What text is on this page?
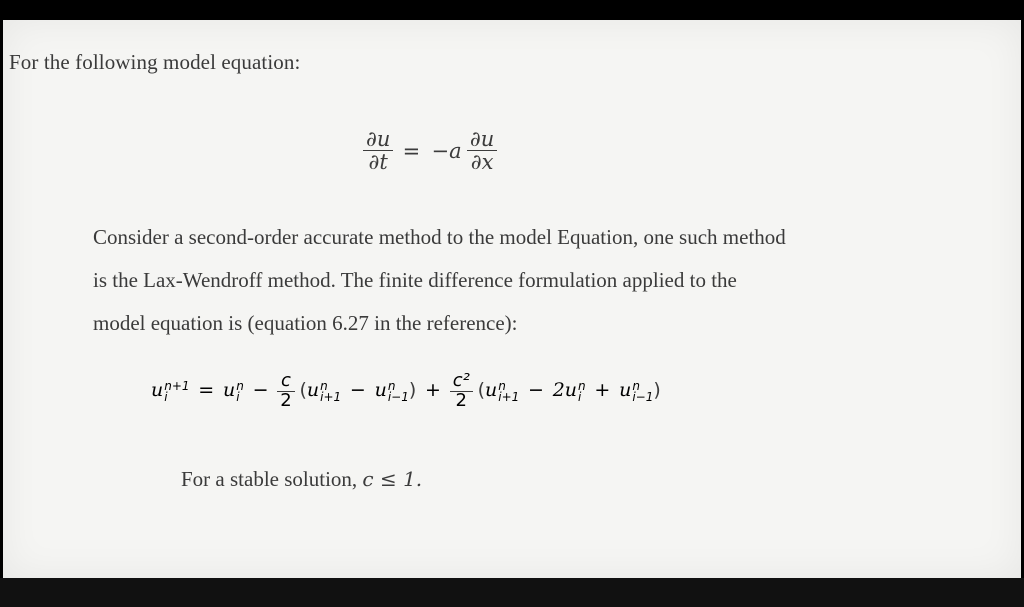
For the following model equation:
$\frac{\partial u}{\partial t} = -a \frac{\partial u}{\partial x}$
Consider a second-order accurate method to the model Equation, one such method
is the Lax-Wendroff method. The finite difference formulation applied to the
model equation is (equation 6.27 in the reference):
u n+1
i	= u n
$i - \frac{c}{2} (u$ n
i+1 − u n
i−1 ) + $\frac{\text{c²}}{2} (u$ n
i+1 − 2u n
i + u n
i−1 )
For a stable solution, c ≤ 1.
